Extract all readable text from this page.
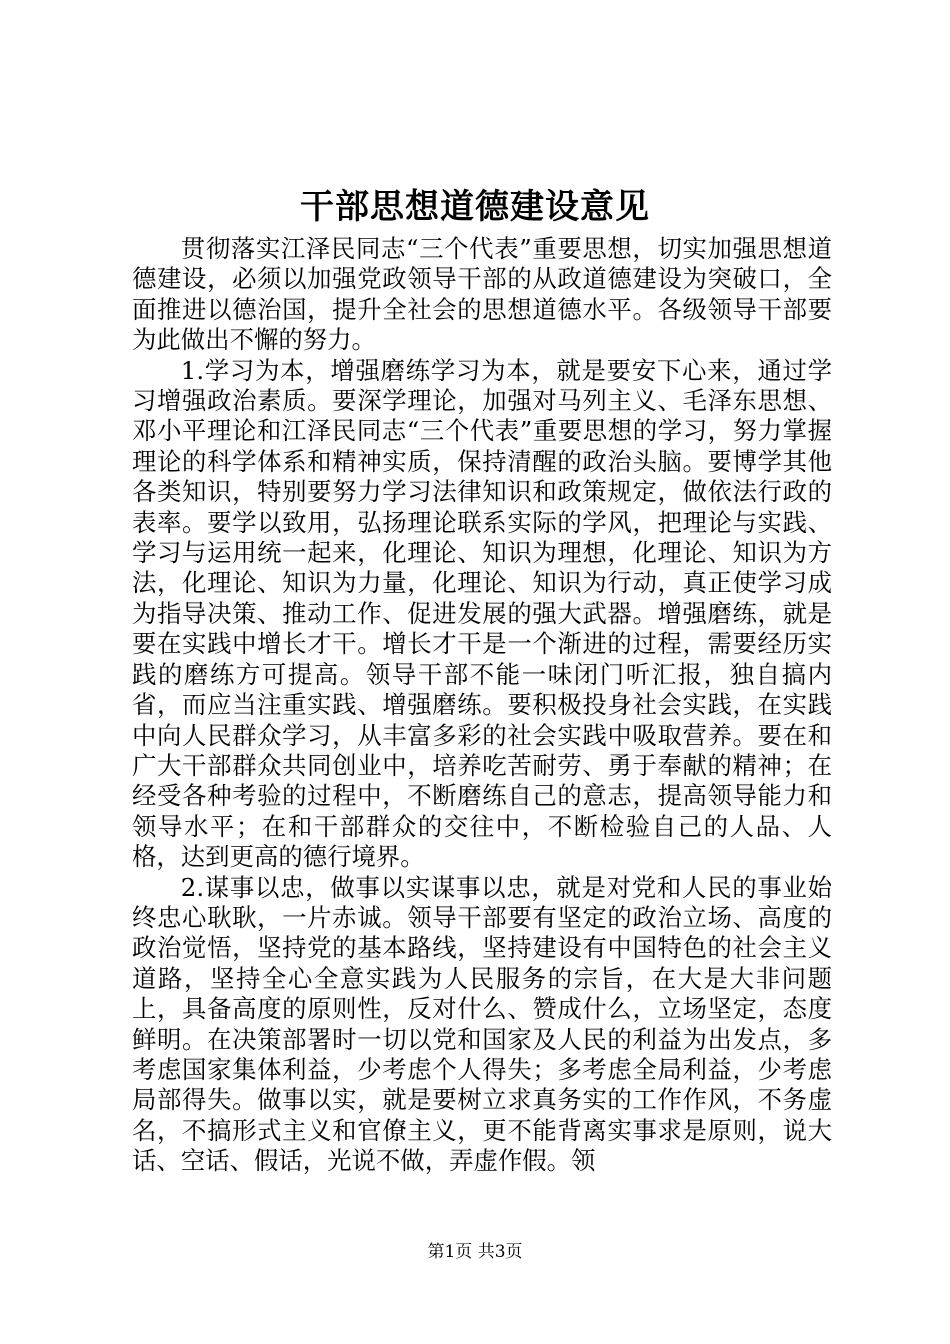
干部思想道德建设意见

贯彻落实江泽民同志“三个代表”重要思想，切实加强思想道德建设，必须以加强党政领导干部的从政道德建设为突破口，全面推进以德治国，提升全社会的思想道德水平。各级领导干部要为此做出不懈的努力。

1.学习为本，增强磨练学习为本，就是要安下心来，通过学习增强政治素质。要深学理论，加强对马列主义、毛泽东思想、邓小平理论和江泽民同志“三个代表”重要思想的学习，努力掌握理论的科学体系和精神实质，保持清醒的政治头脑。要博学其他各类知识，特别要努力学习法律知识和政策规定，做依法行政的表率。要学以致用，弘扬理论联系实际的学风，把理论与实践、学习与运用统一起来，化理论、知识为理想，化理论、知识为方法，化理论、知识为力量，化理论、知识为行动，真正使学习成为指导决策、推动工作、促进发展的强大武器。增强磨练，就是要在实践中增长才干。增长才干是一个渐进的过程，需要经历实践的磨练方可提高。领导干部不能一味闭门听汇报，独自搞内省，而应当注重实践、增强磨练。要积极投身社会实践，在实践中向人民群众学习，从丰富多彩的社会实践中吸取营养。要在和广大干部群众共同创业中，培养吃苦耐劳、勇于奉献的精神；在经受各种考验的过程中，不断磨练自己的意志，提高领导能力和领导水平；在和干部群众的交往中，不断检验自己的人品、人格，达到更高的德行境界。

2.谋事以忠，做事以实谋事以忠，就是对党和人民的事业始终忠心耿耿，一片赤诚。领导干部要有坚定的政治立场、高度的政治觉悟，坚持党的基本路线，坚持建设有中国特色的社会主义道路，坚持全心全意实践为人民服务的宗旨，在大是大非问题上，具备高度的原则性，反对什么、赞成什么，立场坚定，态度鲜明。在决策部署时一切以党和国家及人民的利益为出发点，多考虑国家集体利益，少考虑个人得失；多考虑全局利益，少考虑局部得失。做事以实，就是要树立求真务实的工作作风，不务虚名，不搞形式主义和官僚主义，更不能背离实事求是原则，说大话、空话、假话，光说不做，弄虚作假。领

第1页 共3页
